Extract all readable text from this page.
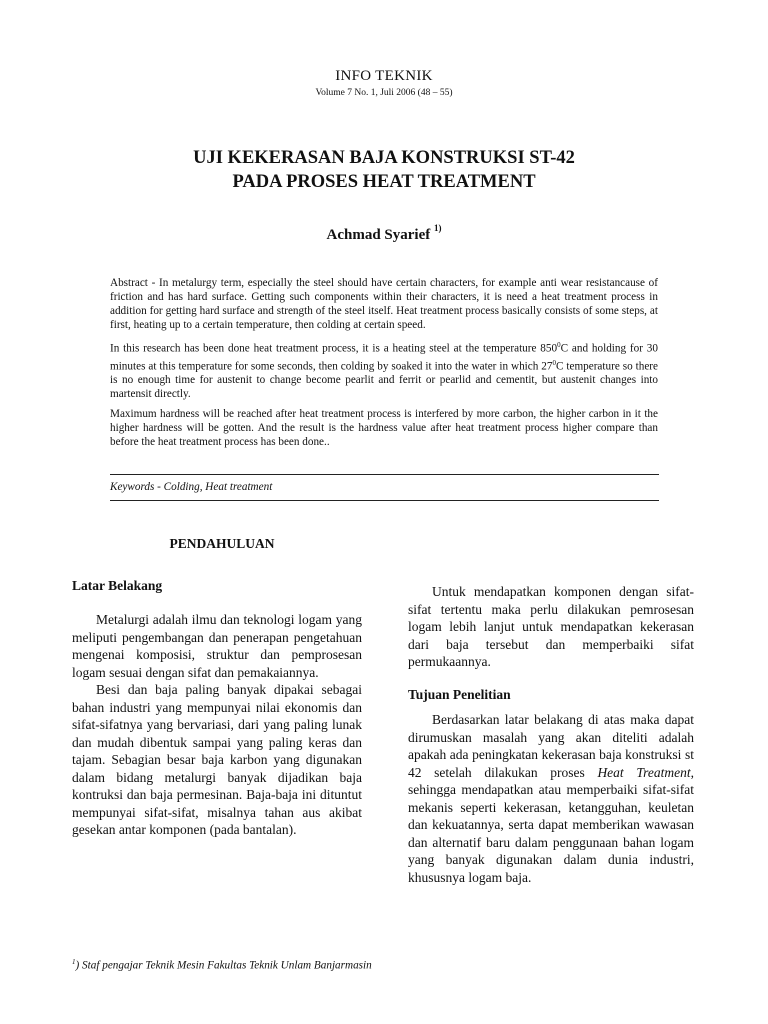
INFO TEKNIK
Volume 7 No. 1, Juli 2006 (48 – 55)
UJI KEKERASAN BAJA KONSTRUKSI ST-42
PADA PROSES HEAT TREATMENT
Achmad Syarief $^{1)}$

Abstract - In metalurgy term, especially the steel should have certain characters, for example anti wear resistancause of friction and has hard surface. Getting such components within their characters, it is need a heat treatment process in addition for getting hard surface and strength of the steel itself. Heat treatment process basically consists of some steps, at first, heating up to a certain temperature, then colding at certain speed.

In this research has been done heat treatment process, it is a heating steel at the temperature $850^0C$ and holding for 30 minutes at this temperature for some seconds, then colding by soaked it into the water in which $27^0C$ temperature so there is no enough time for austenit to change become pearlit and ferrit or pearlid and cementit, but austenit changes into martensit directly.

Maximum hardness will be reached after heat treatment process is interfered by more carbon, the higher carbon in it the higher hardness will be gotten. And the result is the hardness value after heat treatment process higher compare than before the heat treatment process has been done..

Keywords - Colding, Heat treatment
PENDAHULUAN
Latar Belakang

Metalurgi adalah ilmu dan teknologi logam yang meliputi pengembangan dan penerapan pengetahuan mengenai komposisi, struktur dan pemprosesan logam sesuai dengan sifat dan pemakaiannya.

Besi dan baja paling banyak dipakai sebagai bahan industri yang mempunyai nilai ekonomis dan sifat-sifatnya yang bervariasi, dari yang paling lunak dan mudah dibentuk sampai yang paling keras dan tajam. Sebagian besar baja karbon yang digunakan dalam bidang metalurgi banyak dijadikan baja kontruksi dan baja permesinan. Baja-baja ini dituntut mempunyai sifat-sifat, misalnya tahan aus akibat gesekan antar komponen (pada bantalan).

Untuk mendapatkan komponen dengan sifat-sifat tertentu maka perlu dilakukan pemrosesan logam lebih lanjut untuk mendapatkan kekerasan dari baja tersebut dan memperbaiki sifat permukaannya.

Tujuan Penelitian

Berdasarkan latar belakang di atas maka dapat dirumuskan masalah yang akan diteliti adalah apakah ada peningkatan kekerasan baja konstruksi st 42 setelah dilakukan proses Heat Treatment, sehingga mendapatkan atau memperbaiki sifat-sifat mekanis seperti kekerasan, ketangguhan, keuletan dan kekuatannya, serta dapat memberikan wawasan dan alternatif baru dalam penggunaan bahan logam yang banyak digunakan dalam dunia industri, khususnya logam baja.

$^1$) Staf pengajar Teknik Mesin Fakultas Teknik Unlam Banjarmasin
